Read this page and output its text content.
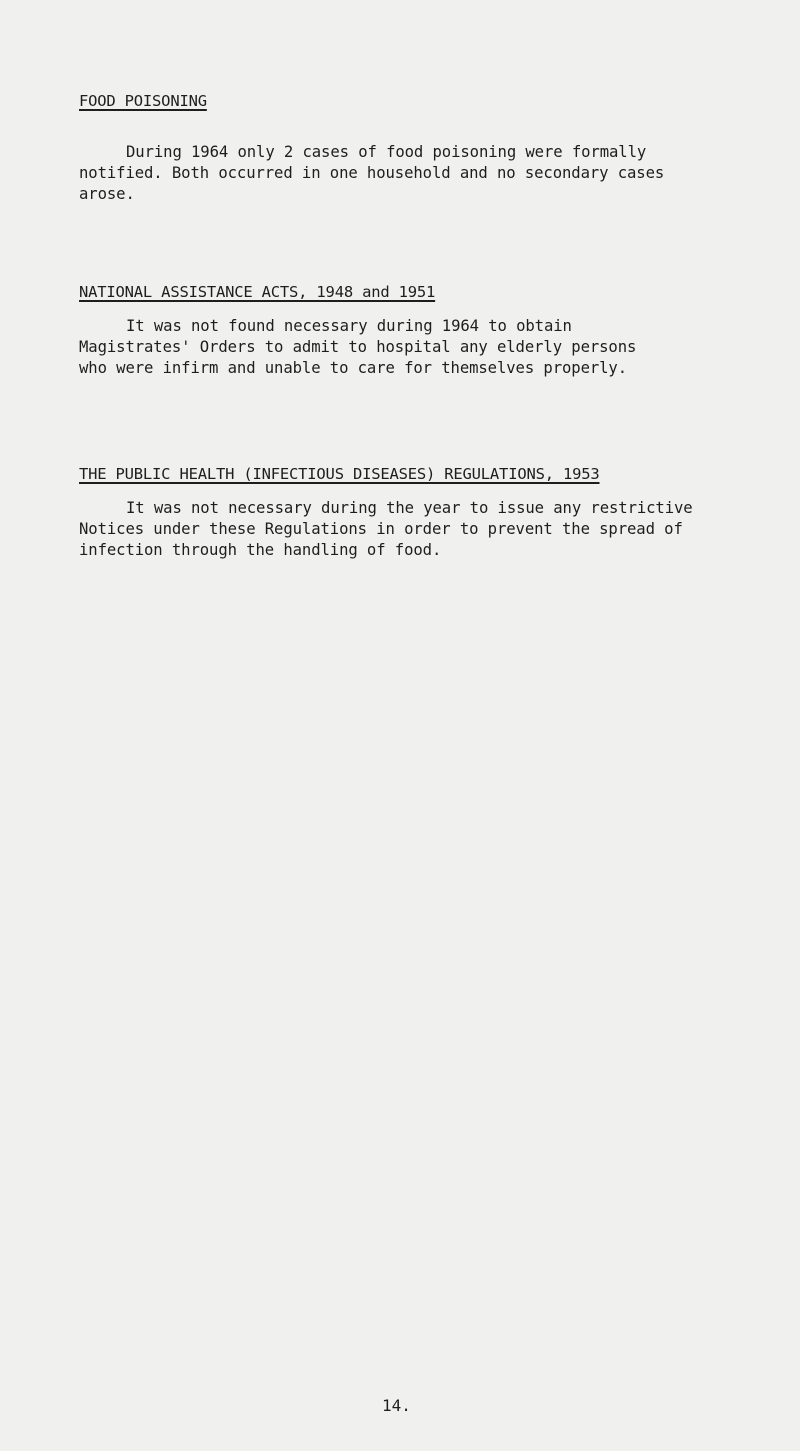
FOOD POISONING

During 1964 only 2 cases of food poisoning were formally
notified. Both occurred in one household and no secondary cases
arose.

NATIONAL ASSISTANCE ACTS, 1948 and 1951

It was not found necessary during 1964 to obtain
Magistrates' Orders to admit to hospital any elderly persons
who were infirm and unable to care for themselves properly.

THE PUBLIC HEALTH (INFECTIOUS DISEASES) REGULATIONS, 1953

It was not necessary during the year to issue any restrictive
Notices under these Regulations in order to prevent the spread of
infection through the handling of food.

14.
